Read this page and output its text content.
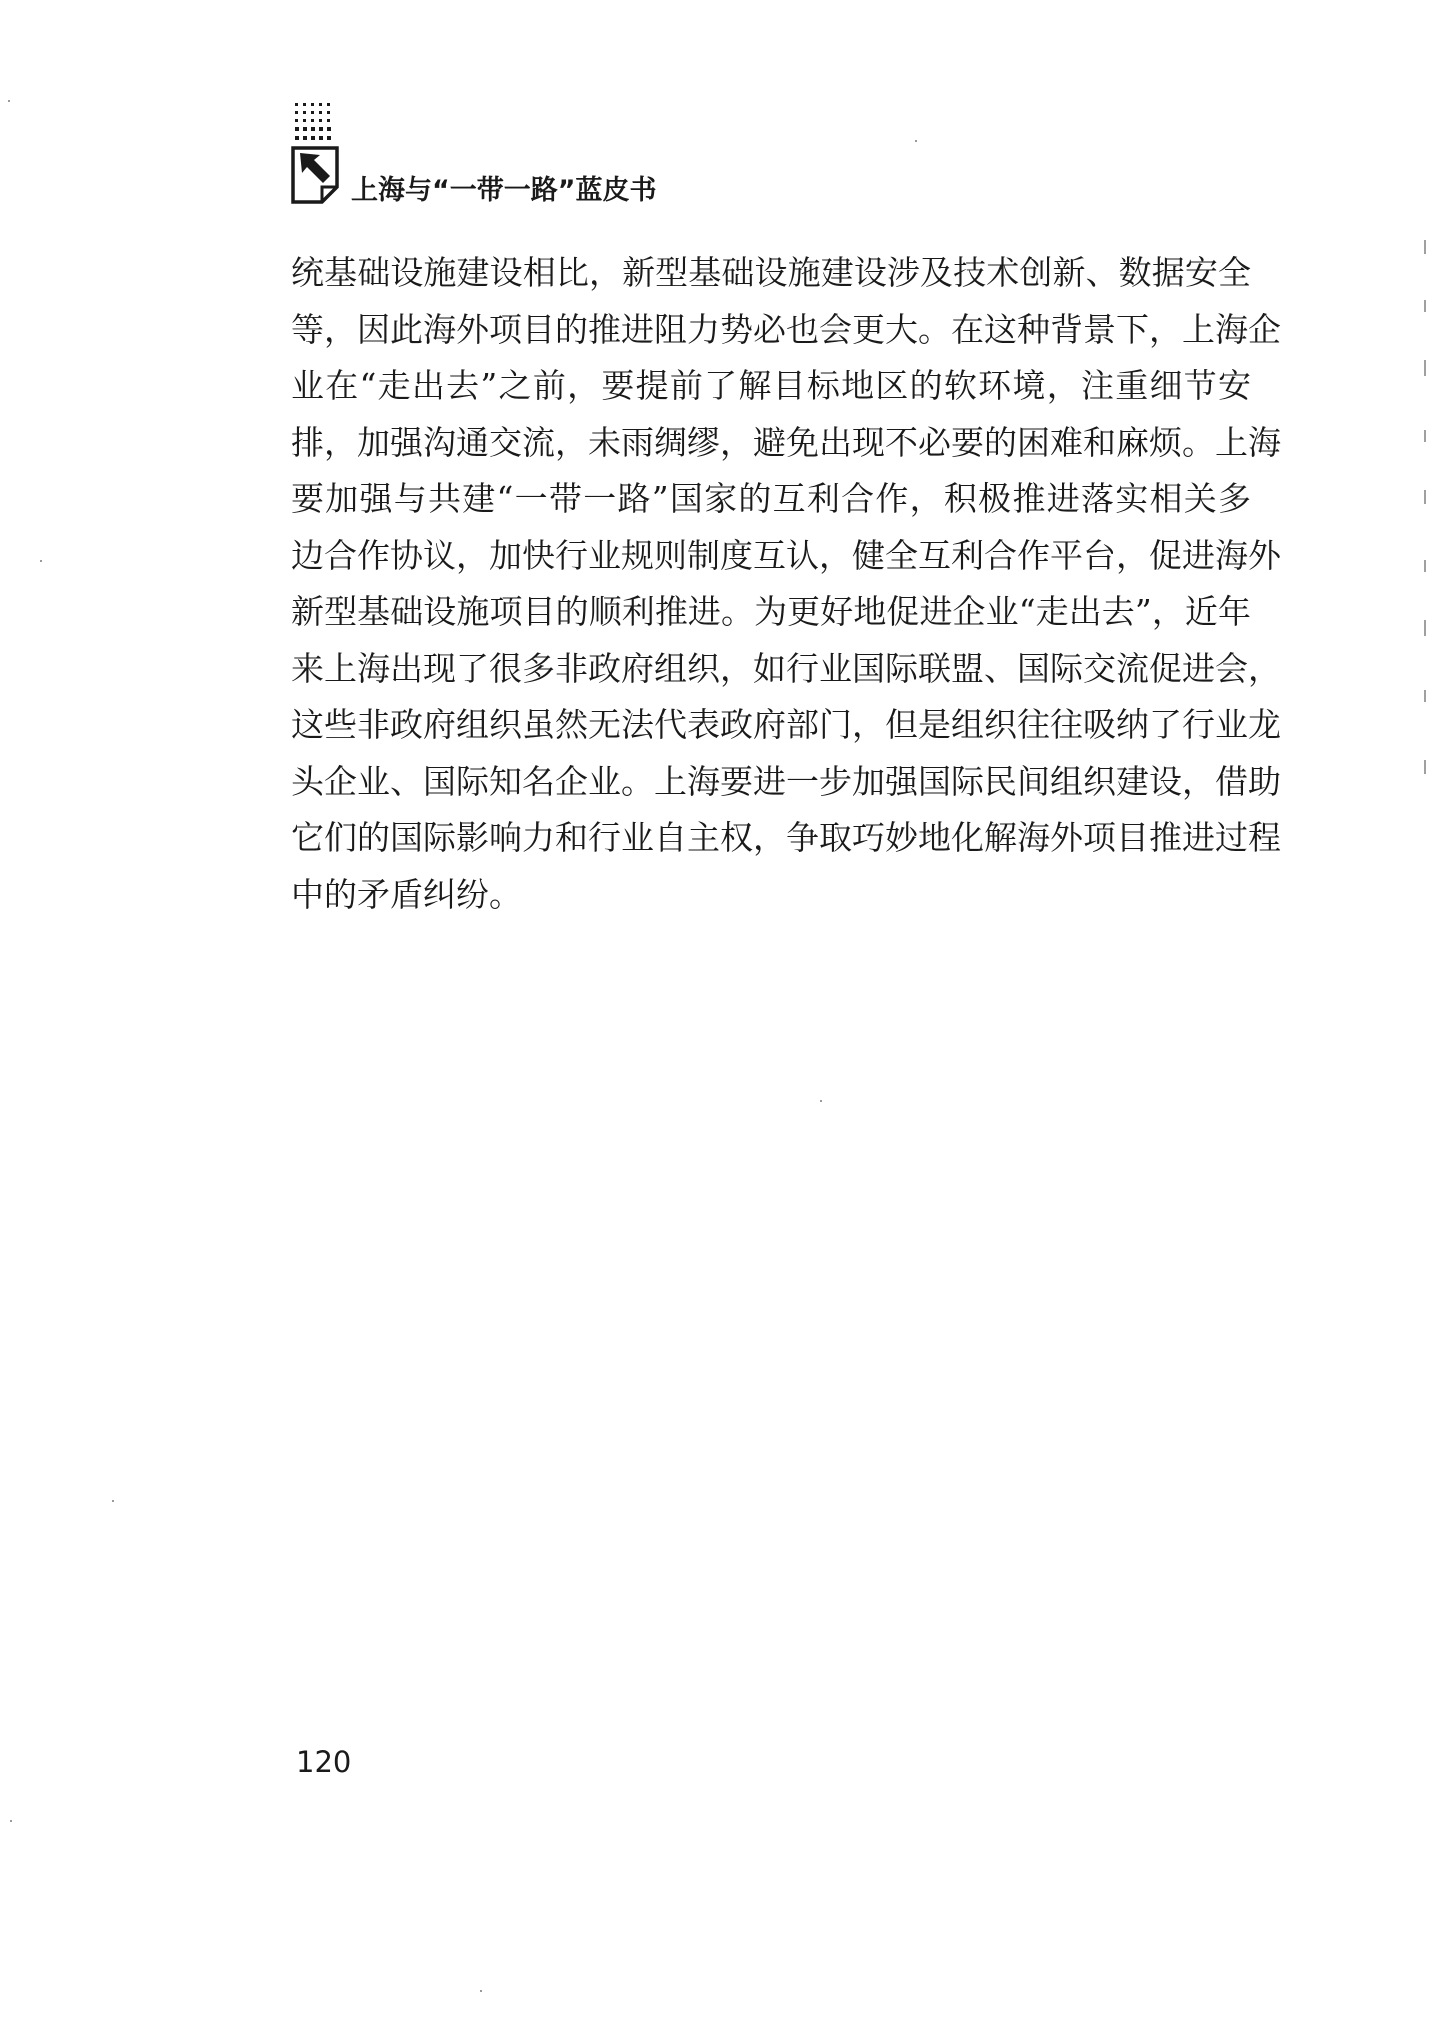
上海与“一带一路”蓝皮书
统基础设施建设相比，新型基础设施建设涉及技术创新、数据安全
等，因此海外项目的推进阻力势必也会更大。在这种背景下，上海企
业在“走出去”之前，要提前了解目标地区的软环境，注重细节安
排，加强沟通交流，未雨绸缪，避免出现不必要的困难和麻烦。上海
要加强与共建“一带一路”国家的互利合作，积极推进落实相关多
边合作协议，加快行业规则制度互认，健全互利合作平台，促进海外
新型基础设施项目的顺利推进。为更好地促进企业“走出去”，近年
来上海出现了很多非政府组织，如行业国际联盟、国际交流促进会，
这些非政府组织虽然无法代表政府部门，但是组织往往吸纳了行业龙
头企业、国际知名企业。上海要进一步加强国际民间组织建设，借助
它们的国际影响力和行业自主权，争取巧妙地化解海外项目推进过程
中的矛盾纠纷。
120
